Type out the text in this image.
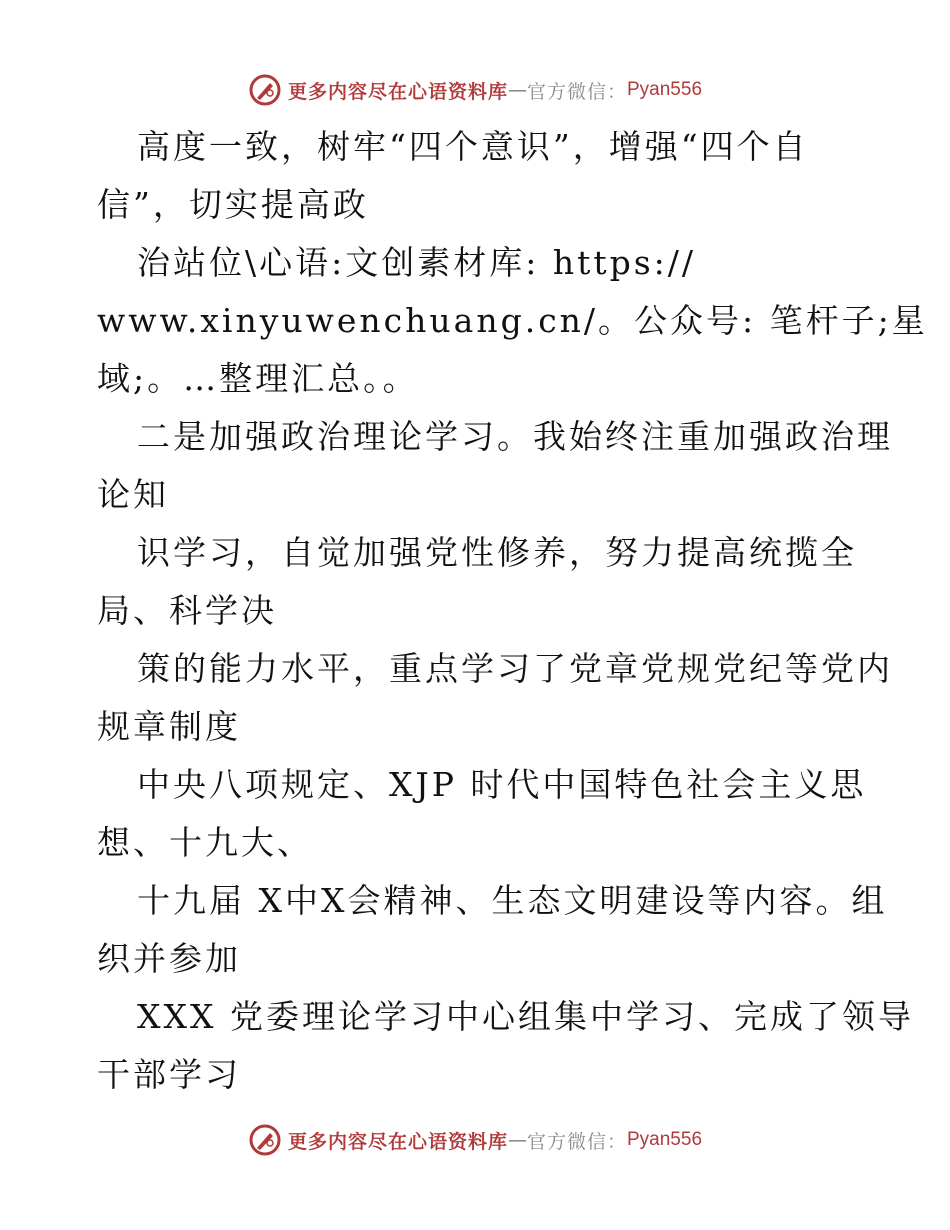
更多内容尽在心语资料库 — 官方微信： Pyan556
高度一致，树牢“四个意识”，增强“四个自
信”，切实提高政
治站位\心语:文创素材库: https://
www.xinyuwenchuang.cn/。公众号: 笔杆子;星
域;。…整理汇总。。
二是加强政治理论学习。我始终注重加强政治理
论知
识学习，自觉加强党性修养，努力提高统揽全
局、科学决
策的能力水平，重点学习了党章党规党纪等党内
规章制度
中央八项规定、XJP 时代中国特色社会主义思
想、十九大、
十九届 X中X会精神、生态文明建设等内容。组
织并参加
XXX 党委理论学习中心组集中学习、完成了领导
干部学习
更多内容尽在心语资料库 — 官方微信： Pyan556
